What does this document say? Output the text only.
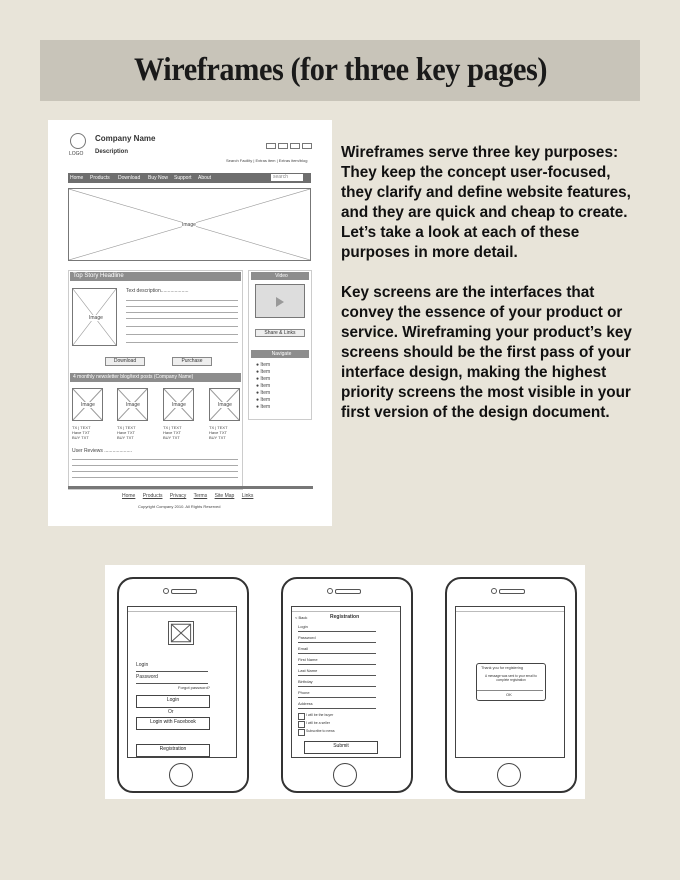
Wireframes (for three key pages)

Wireframes serve three key purposes: They keep the concept user-focused, they clarify and define website features, and they are quick and cheap to create. Let’s take a look at each of these purposes in more detail.

Key screens are the interfaces that convey the essence of your product or service. Wireframing your product’s key screens should be the first pass of your interface design, making the highest priority screens the most visible in your first version of the design document.

LOGO
Company Name
Description
Search Facility | Extras item | Extras item/blog
Home Products Download Buy Now Support About	search
Image
Top Story Headline
Image
Text description....................
Download	Purchase
4 monthly newsletter blog/text posts (Company Name)
Image	Image	Image	Image
TX | TEXT
Have TXT
BUY TXT
TX | TEXT
Have TXT
BUY TXT
TX | TEXT
Have TXT
BUY TXT
TX | TEXT
Have TXT
BUY TXT
User Reviews ....................
Video
Share & Links
Navigate
● Item
● Item
● Item
● Item
● Item
● Item
● Item
Home Products Privacy Terms Site Map Links
Copyright Company 2010. All Rights Reserved
Login
Password
Forgot password?
Login
Or
Login with Facebook
Registration
< Back	Registration
Login
Password
Email
First Name
Last Name
Birthday
Phone
Address
I will be the buyer
I will be a seller
Subscribe to news
Submit
Thank you for registering
A message was sent to your email to complete registration
OK
